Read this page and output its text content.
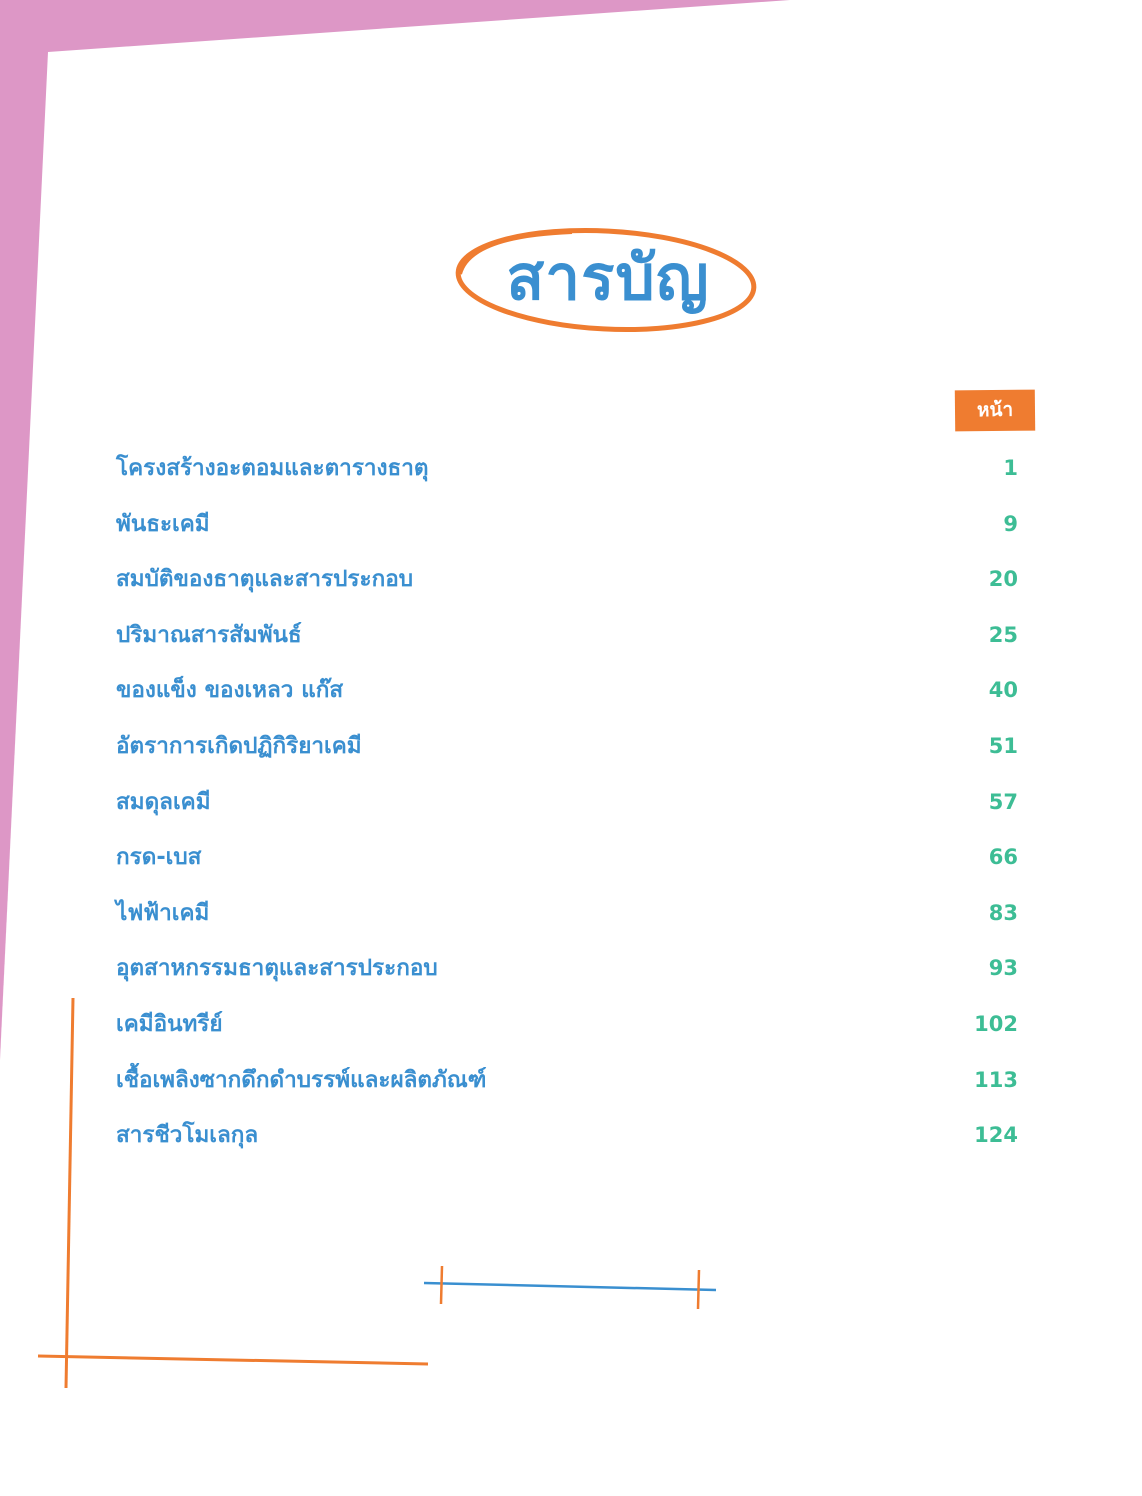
สารบัญ
หน้า
โครงสร้างอะตอมและตารางธาตุ	1
พันธะเคมี	9
สมบัติของธาตุและสารประกอบ	20
ปริมาณสารสัมพันธ์	25
ของแข็ง ของเหลว แก๊ส	40
อัตราการเกิดปฏิกิริยาเคมี	51
สมดุลเคมี	57
กรด-เบส	66
ไฟฟ้าเคมี	83
อุตสาหกรรมธาตุและสารประกอบ	93
เคมีอินทรีย์	102
เชื้อเพลิงซากดึกดำบรรพ์และผลิตภัณฑ์	113
สารชีวโมเลกุล	124
